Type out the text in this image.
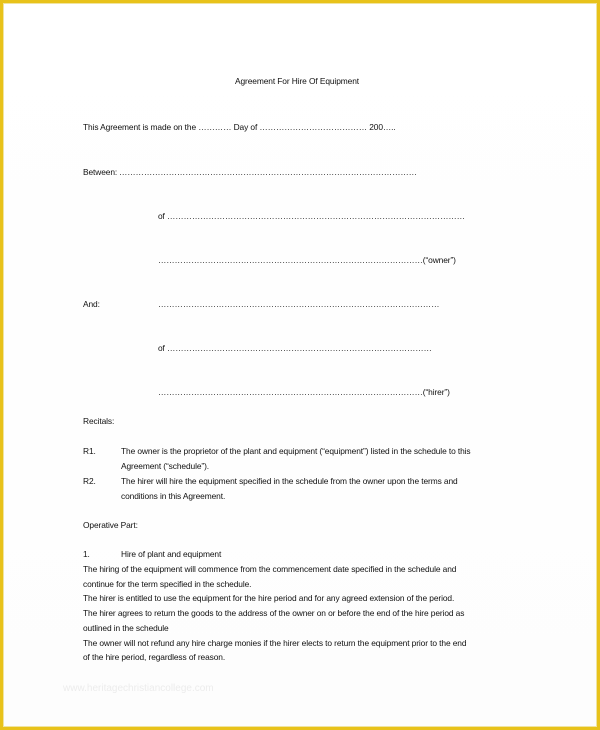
Agreement For Hire Of Equipment
This Agreement is made on the ………… Day of ………………………………… 200…..
Between: ………………………………………………………………………………………………
of ………………………………………………………………………………………………
……………………………………………………………………………………(“owner”)
And:	…………………………………………………………………………………………
of ……………………………………………………………………………………
……………………………………………………………………………………(“hirer”)
Recitals:
R1.	The owner is the proprietor of the plant and equipment (“equipment”) listed in the schedule to this
Agreement (“schedule”).
R2.	The hirer will hire the equipment specified in the schedule from the owner upon the terms and
conditions in this Agreement.
Operative Part:
1.	Hire of plant and equipment
The hiring of the equipment will commence from the commencement date specified in the schedule and
continue for the term specified in the schedule.
The hirer is entitled to use the equipment for the hire period and for any agreed extension of the period.
The hirer agrees to return the goods to the address of the owner on or before the end of the hire period as
outlined in the schedule
The owner will not refund any hire charge monies if the hirer elects to return the equipment prior to the end
of the hire period, regardless of reason.
www.heritagechristiancollege.com
